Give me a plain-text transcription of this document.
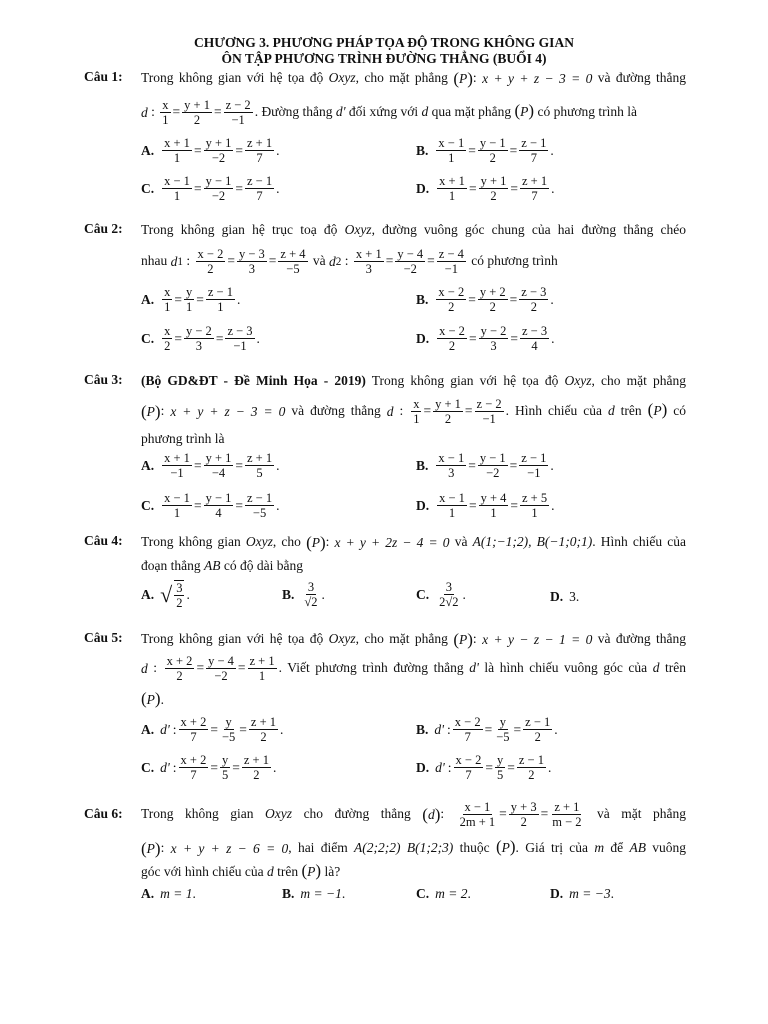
CHƯƠNG 3. PHƯƠNG PHÁP TỌA ĐỘ TRONG KHÔNG GIAN
ÔN TẬP PHƯƠNG TRÌNH ĐƯỜNG THẲNG (BUỔI 4)
Câu 1: Trong không gian với hệ tọa độ Oxyz, cho mặt phẳng (P): x + y + z − 3 = 0 và đường thẳng
d : $\frac{x}{1} = \frac{y + 1}{2} = \frac{z - 2}{-1}$ . Đường thẳng d' đối xứng với d qua mặt phẳng (P) có phương trình là
A. x + 1
1
= y + 1
−2
= z + 1
7
.	B. x − 1
1
= y − 1
2
= z − 1
7
.
C. x − 1
1
= y − 1
−2
= z − 1
7
.	D. x + 1
1
= y + 1
2
= z + 1
7
.
Câu 2: Trong không gian hệ trục toạ độ Oxyz, đường vuông góc chung của hai đường thẳng chéo
nhau d1 : $\frac{x - 2}{2} = \frac{y - 3}{3} = \frac{z + 4}{-5}$ và d2 : $\frac{x + 1}{3} = \frac{y - 4}{-2} = \frac{z - 4}{-1}$ có phương trình
A. x
1
= y
1
= z − 1
1
.	B. x − 2
2
= y + 2
2
= z − 3
2
.
C. x
2
= y − 2
3
= z − 3
−1
.	D. x − 2
2
= y − 2
3
= z − 3
4
.
Câu 3: (Bộ GD&ĐT - Đề Minh Họa - 2019) Trong không gian với hệ tọa độ Oxyz, cho mặt phẳng
(P): x + y + z − 3 = 0 và đường thẳng d : $\frac{x}{1} = \frac{y + 1}{2} = \frac{z - 2}{-1}$ . Hình chiếu của d trên (P) có
phương trình là
A. x + 1
−1
= y + 1
−4
= z + 1
5
.	B. x − 1
3
= y − 1
−2
= z − 1
−1
.
C. x − 1
1
= y − 1
4
= z − 1
−5
.	D. x − 1
1
= y + 4
1
= z + 5
1
.
Câu 4: Trong không gian Oxyz, cho (P): x + y + 2z − 4 = 0 và A(1;−1;2), B(−1;0;1). Hình chiếu của
đoạn thẳng AB có độ dài bằng
A. √ 3
2
.	B. 3
√2
.	C. 3
2√2
.	D. 3 .
Câu 5: Trong không gian với hệ tọa độ Oxyz, cho mặt phẳng (P): x + y − z − 1 = 0 và đường thẳng
d : $\frac{x + 2}{2} = \frac{y - 4}{-2} = \frac{z + 1}{1}$ . Viết phương trình đường thẳng d' là hình chiếu vuông góc của d trên
(P).
A. d' : x + 2
7
= y
−5
= z + 1
2
.	B. d' : x − 2
7
= y
−5
= z − 1
2
.
C. d' : x + 2
7
= y
5
= z + 1
2
.	D. d' : x − 2
7
= y
5
= z − 1
2
.
Câu 6: Trong không gian Oxyz cho đường thẳng (d): $\frac{x - 1}{2m + 1} = \frac{y + 3}{2} = \frac{z + 1}{m - 2}$ và mặt phẳng
(P): x + y + z − 6 = 0, hai điểm A(2;2;2) B(1;2;3) thuộc (P). Giá trị của m để AB vuông
góc với hình chiếu của d trên (P) là?
A. m = 1 .	B. m = −1 .	C. m = 2 .	D. m = −3 .
